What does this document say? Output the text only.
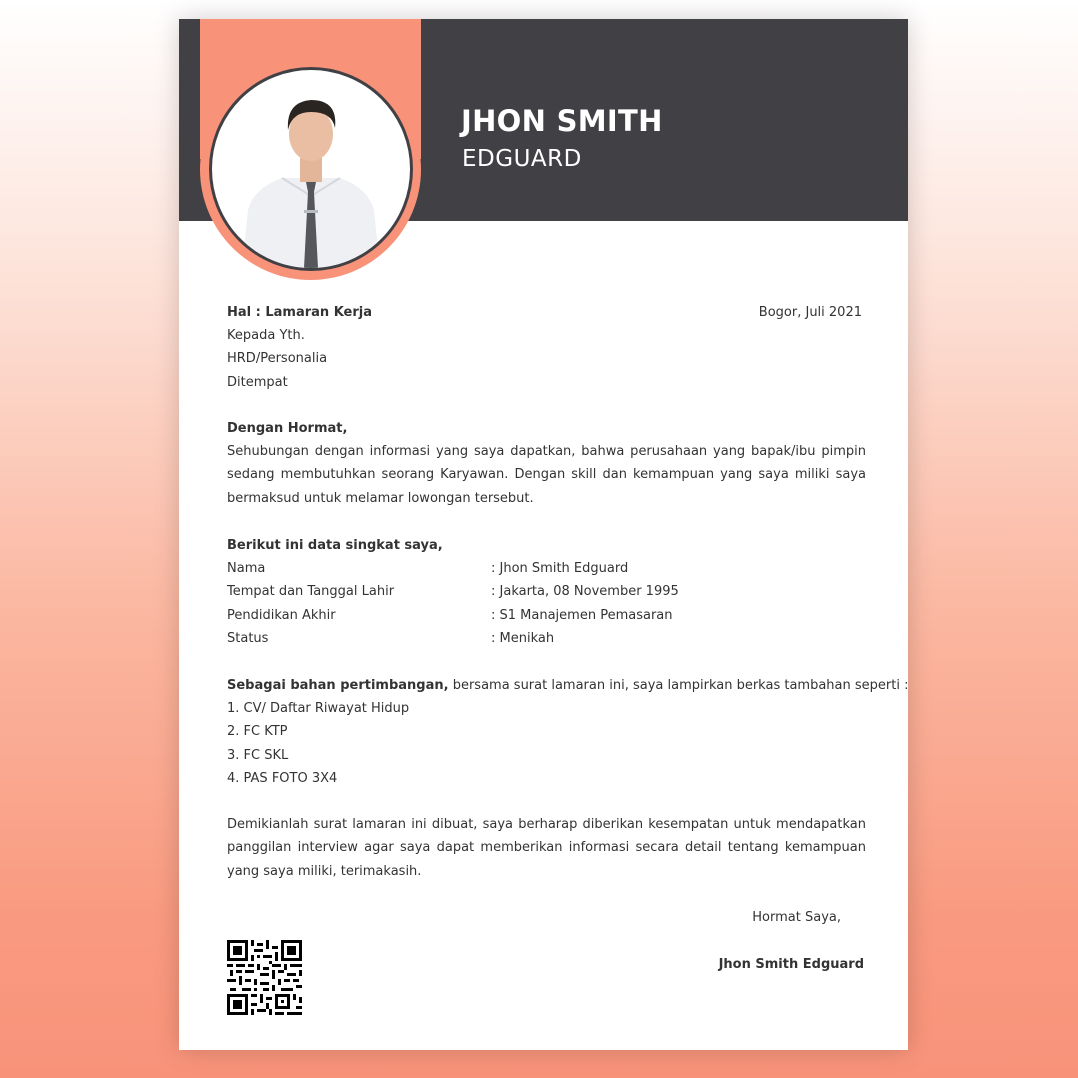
JHON SMITH
EDGUARD
Hal : Lamaran Kerja	Bogor, Juli 2021
Kepada Yth.
HRD/Personalia
Ditempat
Dengan Hormat,
Sehubungan dengan informasi yang saya dapatkan, bahwa perusahaan yang bapak/ibu pimpin sedang membutuhkan seorang Karyawan. Dengan skill dan kemampuan yang saya miliki saya bermaksud untuk melamar lowongan tersebut.
Berikut ini data singkat saya,
Nama	: Jhon Smith Edguard
Tempat dan Tanggal Lahir	: Jakarta, 08 November 1995
Pendidikan Akhir	: S1 Manajemen Pemasaran
Status	: Menikah
Sebagai bahan pertimbangan, bersama surat lamaran ini, saya lampirkan berkas tambahan seperti :
1. CV/ Daftar Riwayat Hidup
2. FC KTP
3. FC SKL
4. PAS FOTO 3X4
Demikianlah surat lamaran ini dibuat, saya berharap diberikan kesempatan untuk mendapatkan panggilan interview agar saya dapat memberikan informasi secara detail tentang kemampuan yang saya miliki, terimakasih.
Hormat Saya,
Jhon Smith Edguard
